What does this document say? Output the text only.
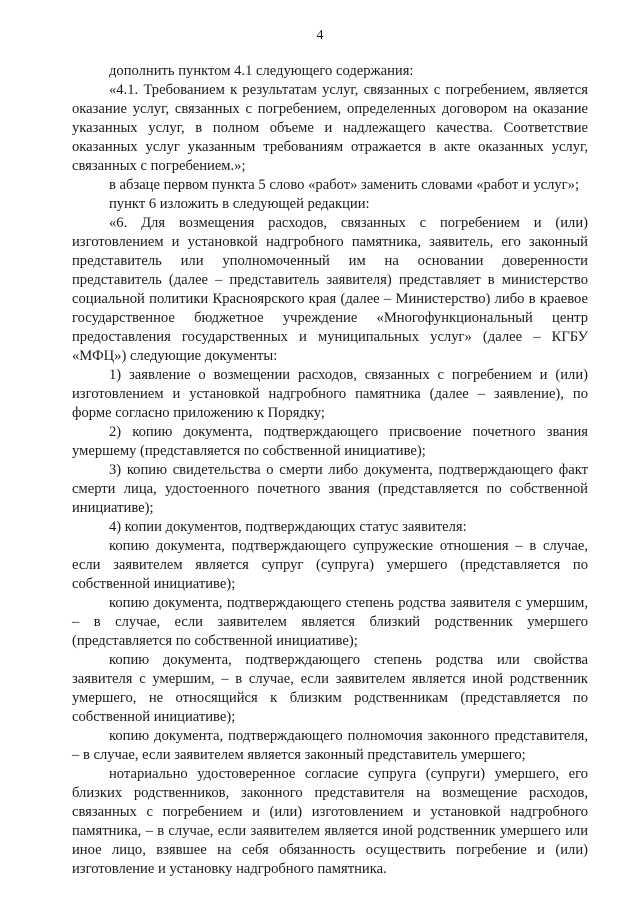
4

дополнить пунктом 4.1 следующего содержания:

«4.1. Требованием к результатам услуг, связанных с погребением, является оказание услуг, связанных с погребением, определенных договором на оказание указанных услуг, в полном объеме и надлежащего качества. Соответствие оказанных услуг указанным требованиям отражается в акте оказанных услуг, связанных с погребением.»;

в абзаце первом пункта 5 слово «работ» заменить словами «работ и услуг»;

пункт 6 изложить в следующей редакции:

«6. Для возмещения расходов, связанных с погребением и (или) изготовлением и установкой надгробного памятника, заявитель, его законный представитель или уполномоченный им на основании доверенности представитель (далее – представитель заявителя) представляет в министерство социальной политики Красноярского края (далее – Министерство) либо в краевое государственное бюджетное учреждение «Многофункциональный центр предоставления государственных и муниципальных услуг» (далее – КГБУ «МФЦ») следующие документы:

1) заявление о возмещении расходов, связанных с погребением и (или) изготовлением и установкой надгробного памятника (далее – заявление), по форме согласно приложению к Порядку;

2) копию документа, подтверждающего присвоение почетного звания умершему (представляется по собственной инициативе);

3) копию свидетельства о смерти либо документа, подтверждающего факт смерти лица, удостоенного почетного звания (представляется по собственной инициативе);

4) копии документов, подтверждающих статус заявителя:

копию документа, подтверждающего супружеские отношения – в случае, если заявителем является супруг (супруга) умершего (представляется по собственной инициативе);

копию документа, подтверждающего степень родства заявителя с умершим, – в случае, если заявителем является близкий родственник умершего (представляется по собственной инициативе);

копию документа, подтверждающего степень родства или свойства заявителя с умершим, – в случае, если заявителем является иной родственник умершего, не относящийся к близким родственникам (представляется по собственной инициативе);

копию документа, подтверждающего полномочия законного представителя, – в случае, если заявителем является законный представитель умершего;

нотариально удостоверенное согласие супруга (супруги) умершего, его близких родственников, законного представителя на возмещение расходов, связанных с погребением и (или) изготовлением и установкой надгробного памятника, – в случае, если заявителем является иной родственник умершего или иное лицо, взявшее на себя обязанность осуществить погребение и (или) изготовление и установку надгробного памятника.
